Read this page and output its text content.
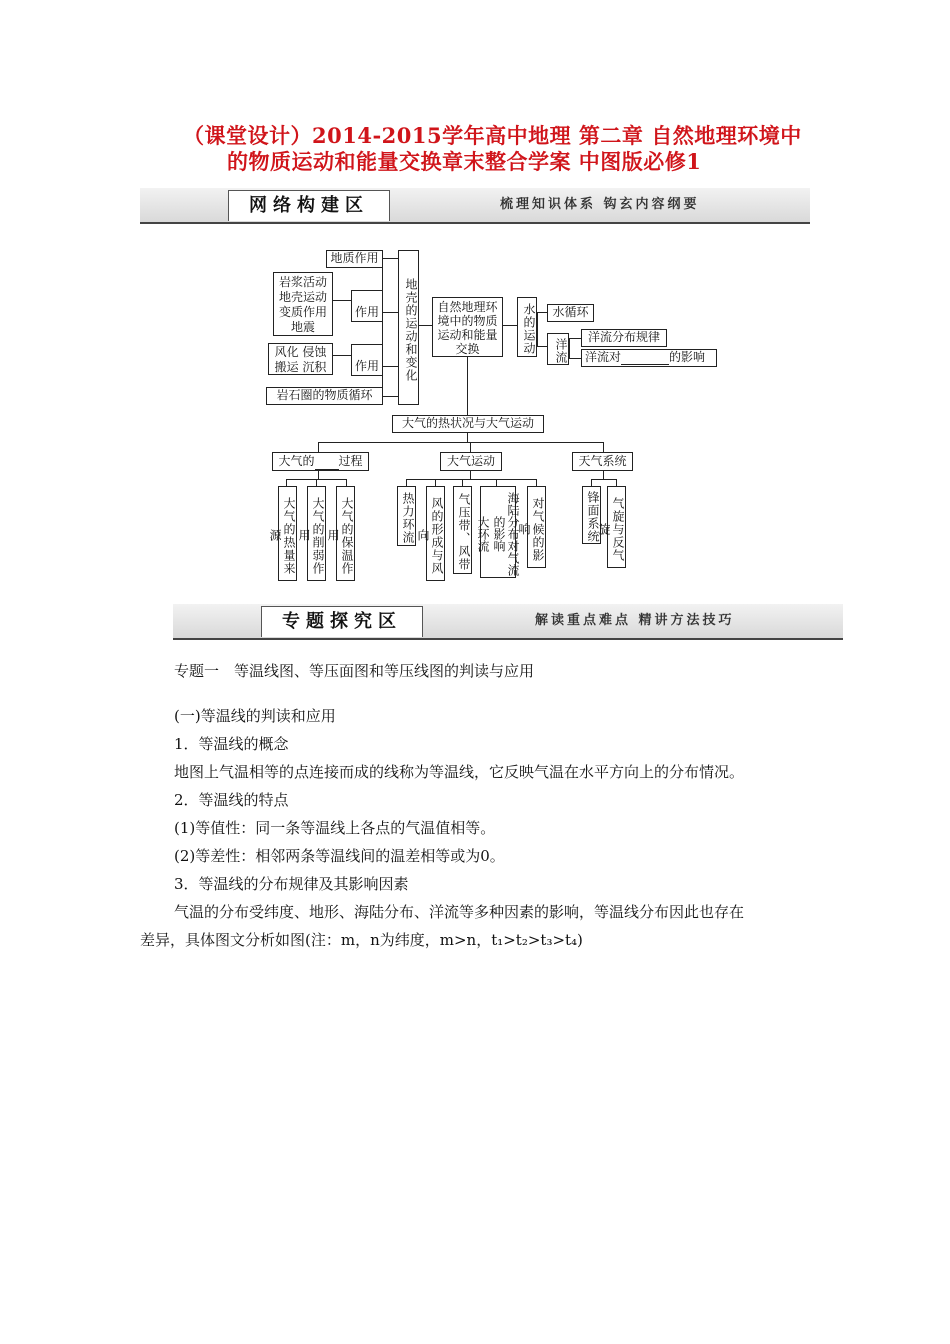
（课堂设计）2014-2015学年高中地理 第二章 自然地理环境中
的物质运动和能量交换章末整合学案 中图版必修1
网络构建区	梳理知识体系 钩玄内容纲要
地质作用
岩浆活动
地壳运动
变质作用
地震
作用
风化 侵蚀
搬运 沉积	作用
岩石圈的物质循环
地壳的运动和变化	自然地理环
境中的物质
运动和能量
交换	水的运动	水循环
洋流
洋流分布规律
洋流对	的影响
大气的热状况与大气运动
大气的 过程	大气运动	天气系统
大气的热量来源	大气的削弱作用	大气的保温作用	热力环流	风的形成与风向	气压带、风带 大环流	海陆分布对气流的影响	对气候的影响	锋面系统 气旋与反气旋
专题探究区	解读重点难点 精讲方法技巧
专题一　等温线图、等压面图和等压线图的判读与应用

(一)等温线的判读和应用

1．等温线的概念

地图上气温相等的点连接而成的线称为等温线，它反映气温在水平方向上的分布情况。

2．等温线的特点

(1)等值性：同一条等温线上各点的气温值相等。

(2)等差性：相邻两条等温线间的温差相等或为0。

3．等温线的分布规律及其影响因素

气温的分布受纬度、地形、海陆分布、洋流等多种因素的影响，等温线分布因此也存在

差异，具体图文分析如图(注：m，n为纬度，m>n，t₁>t₂>t₃>t₄)
